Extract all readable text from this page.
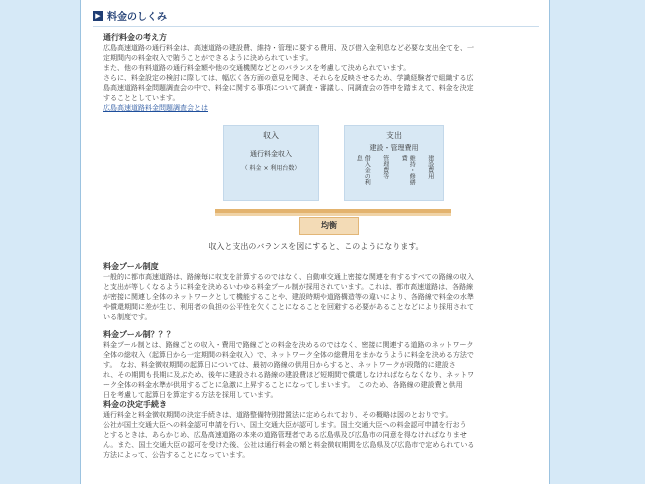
▶ 料金のしくみ

通行料金の考え方

広島高速道路の通行料金は、高速道路の建設費、維持・管理に要する費用、及び借入金利息など必要な支出全てを、一

定期間内の料金収入で賄うことができるように決められています。

また、他の有料道路の通行料金額や他の交通機関などとのバランスを考慮して決められています。

さらに、料金設定の検討に際しては、幅広く各方面の意見を聞き、それらを反映させるため、学識経験者で組織する広

島高速道路料金問題調査会の中で、料金に関する事項について調査・審議し、同調査会の答申を踏まえて、料金を決定

することとしています。

広島高速道路料金問題調査会とは
収入
通行料金収入
（ 料金 × 利用台数）
支出
建設・管理費用
借入金の利息	管理費等	維持・修繕費	建設費用
均衡
収入と支出のバランスを図にすると、このようになります。

料金プール制度

一般的に都市高速道路は、路線毎に収支を計算するのではなく、自動車交通上密接な関連を有するすべての路線の収入

と支出が等しくなるように料金を決めるいわゆる料金プール制が採用されています。これは、都市高速道路は、各路線

が密接に関連し全体のネットワークとして機能することや、建設時期や道路構造等の違いにより、各路線で料金の水準

や償還期間に差が生じ、利用者の負担の公平性を欠くことになることを回避する必要があることなどにより採用されて

いる制度です。

料金プール制？？？

料金プール制とは、路線ごとの収入・費用で路線ごとの料金を決めるのではなく、密接に関連する道路のネットワーク

全体の総収入（起算日から一定期間の料金収入）で、ネットワーク全体の総費用をまかなうように料金を決める方法で

す。　なお、料金徴収期間の起算日については、最初の路線の供用日からすると、ネットワークが段階的に建設さ

れ、その期間も長期に及ぶため、後年に建設される路線の建設費ほど短期間で償還しなければならなくなり、ネットワ

ーク全体の料金水準が供用するごとに急激に上昇することになってしまいます。　このため、各路線の建設費と供用

日を考慮して起算日を算定する方法を採用しています。

料金の決定手続き

通行料金と料金徴収期間の決定手続きは、道路整備特別措置法に定められており、その概略は図のとおりです。

公社が国土交通大臣への料金認可申請を行い、国土交通大臣が認可します。国土交通大臣への料金認可申請を行おう

とするときは、あらかじめ、広島高速道路の本来の道路管理者である広島県及び広島市の同意を得なければなりませ

ん。また、国土交通大臣の認可を受けた後、公社は通行料金の額と料金徴収期間を広島県及び広島市で定められている

方法によって、公告することになっています。
